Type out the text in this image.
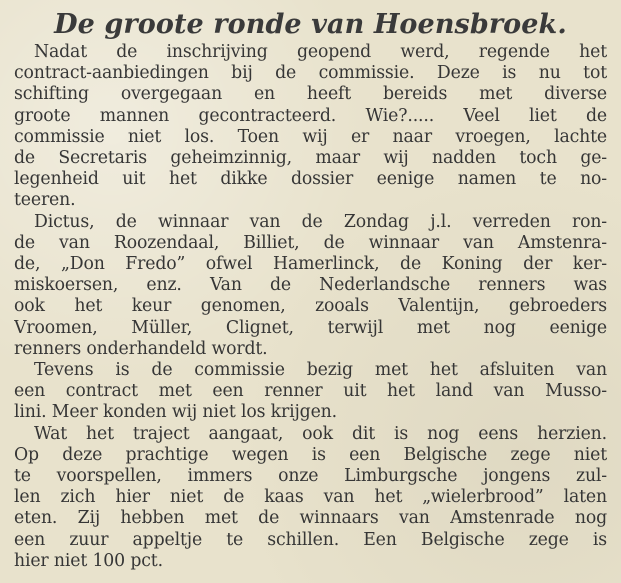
De groote ronde van Hoensbroek.

Nadat de inschrijving geopend werd, regende het
contract-aanbiedingen bij de commissie. Deze is nu tot
schifting overgegaan en heeft bereids met diverse
groote mannen gecontracteerd. Wie?..... Veel liet de
commissie niet los. Toen wij er naar vroegen, lachte
de Secretaris geheimzinnig, maar wij nadden toch ge-
legenheid uit het dikke dossier eenige namen te no-
teeren.

Dictus, de winnaar van de Zondag j.l. verreden ron-
de van Roozendaal, Billiet, de winnaar van Amstenra-
de, „Don Fredo” ofwel Hamerlinck, de Koning der ker-
miskoersen, enz. Van de Nederlandsche renners was
ook het keur genomen, zooals Valentijn, gebroeders
Vroomen, Müller, Clignet, terwijl met nog eenige
renners onderhandeld wordt.

Tevens is de commissie bezig met het afsluiten van
een contract met een renner uit het land van Musso-
lini. Meer konden wij niet los krijgen.

Wat het traject aangaat, ook dit is nog eens herzien.
Op deze prachtige wegen is een Belgische zege niet
te voorspellen, immers onze Limburgsche jongens zul-
len zich hier niet de kaas van het „wielerbrood” laten
eten. Zij hebben met de winnaars van Amstenrade nog
een zuur appeltje te schillen. Een Belgische zege is
hier niet 100 pct.
